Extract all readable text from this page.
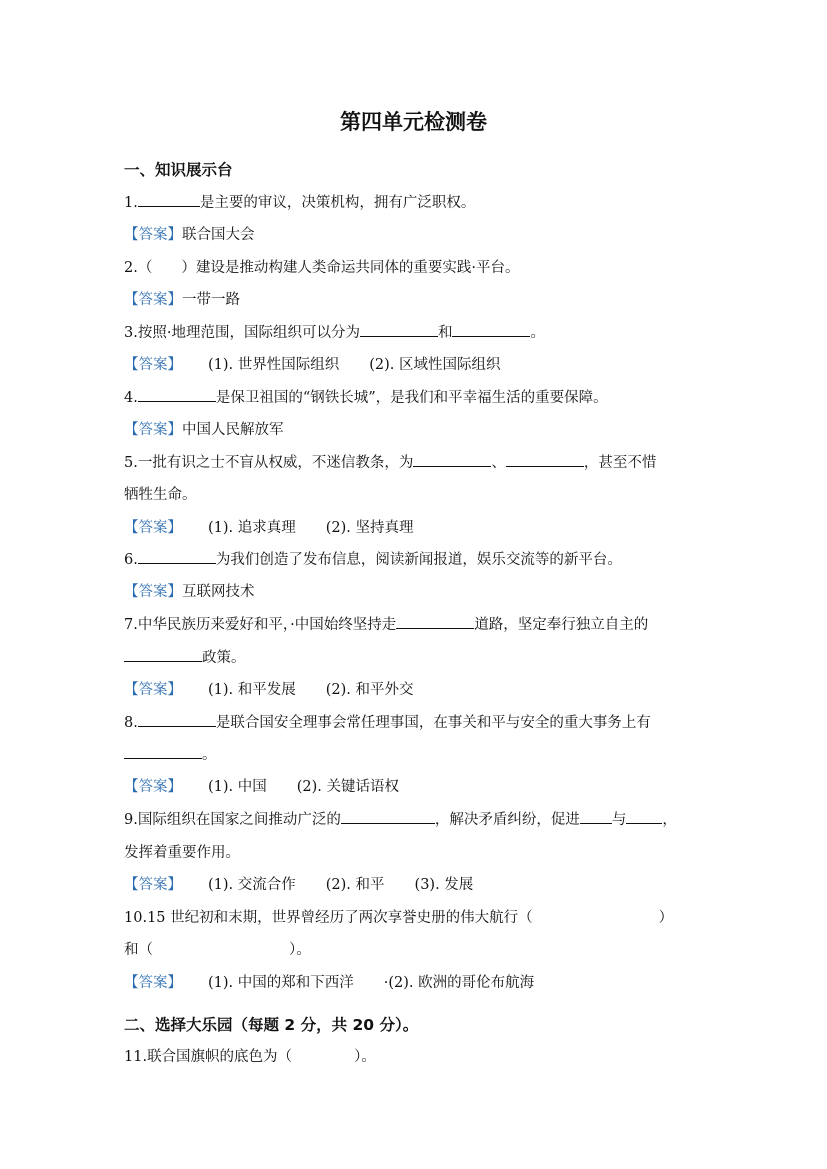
第四单元检测卷
一、知识展示台
1.	是主要的审议，决策机构，拥有广泛职权。
【答案】联合国大会
2.（　　）建设是推动构建人类命运共同体的重要实践·平台。
【答案】一带一路
3.按照·地理范围，国际组织可以分为	和	。
【答案】 (1). 世界性国际组织 (2). 区域性国际组织
4.	是保卫祖国的“钢铁长城”，是我们和平幸福生活的重要保障。
【答案】中国人民解放军
5.一批有识之士不盲从权威，不迷信教条，为	、	，甚至不惜
牺牲生命。
【答案】 (1). 追求真理 (2). 坚持真理
6.	为我们创造了发布信息，阅读新闻报道，娱乐交流等的新平台。
【答案】互联网技术
7.中华民族历来爱好和平，·中国始终坚持走	道路，坚定奉行独立自主的
政策。
【答案】 (1). 和平发展 (2). 和平外交
8.	是联合国安全理事会常任理事国，在事关和平与安全的重大事务上有
。
【答案】 (1). 中国 (2). 关键话语权
9.国际组织在国家之间推动广泛的	，解决矛盾纠纷，促进 与 ，
发挥着重要作用。
【答案】 (1). 交流合作 (2). 和平 (3). 发展
10.15 世纪初和末期，世界曾经历了两次享誉史册的伟大航行（	）
和（	）。
【答案】 (1). 中国的郑和下西洋 ·(2). 欧洲的哥伦布航海
二、选择大乐园（每题 2 分，共 20 分）。
11.联合国旗帜的底色为（	）。
